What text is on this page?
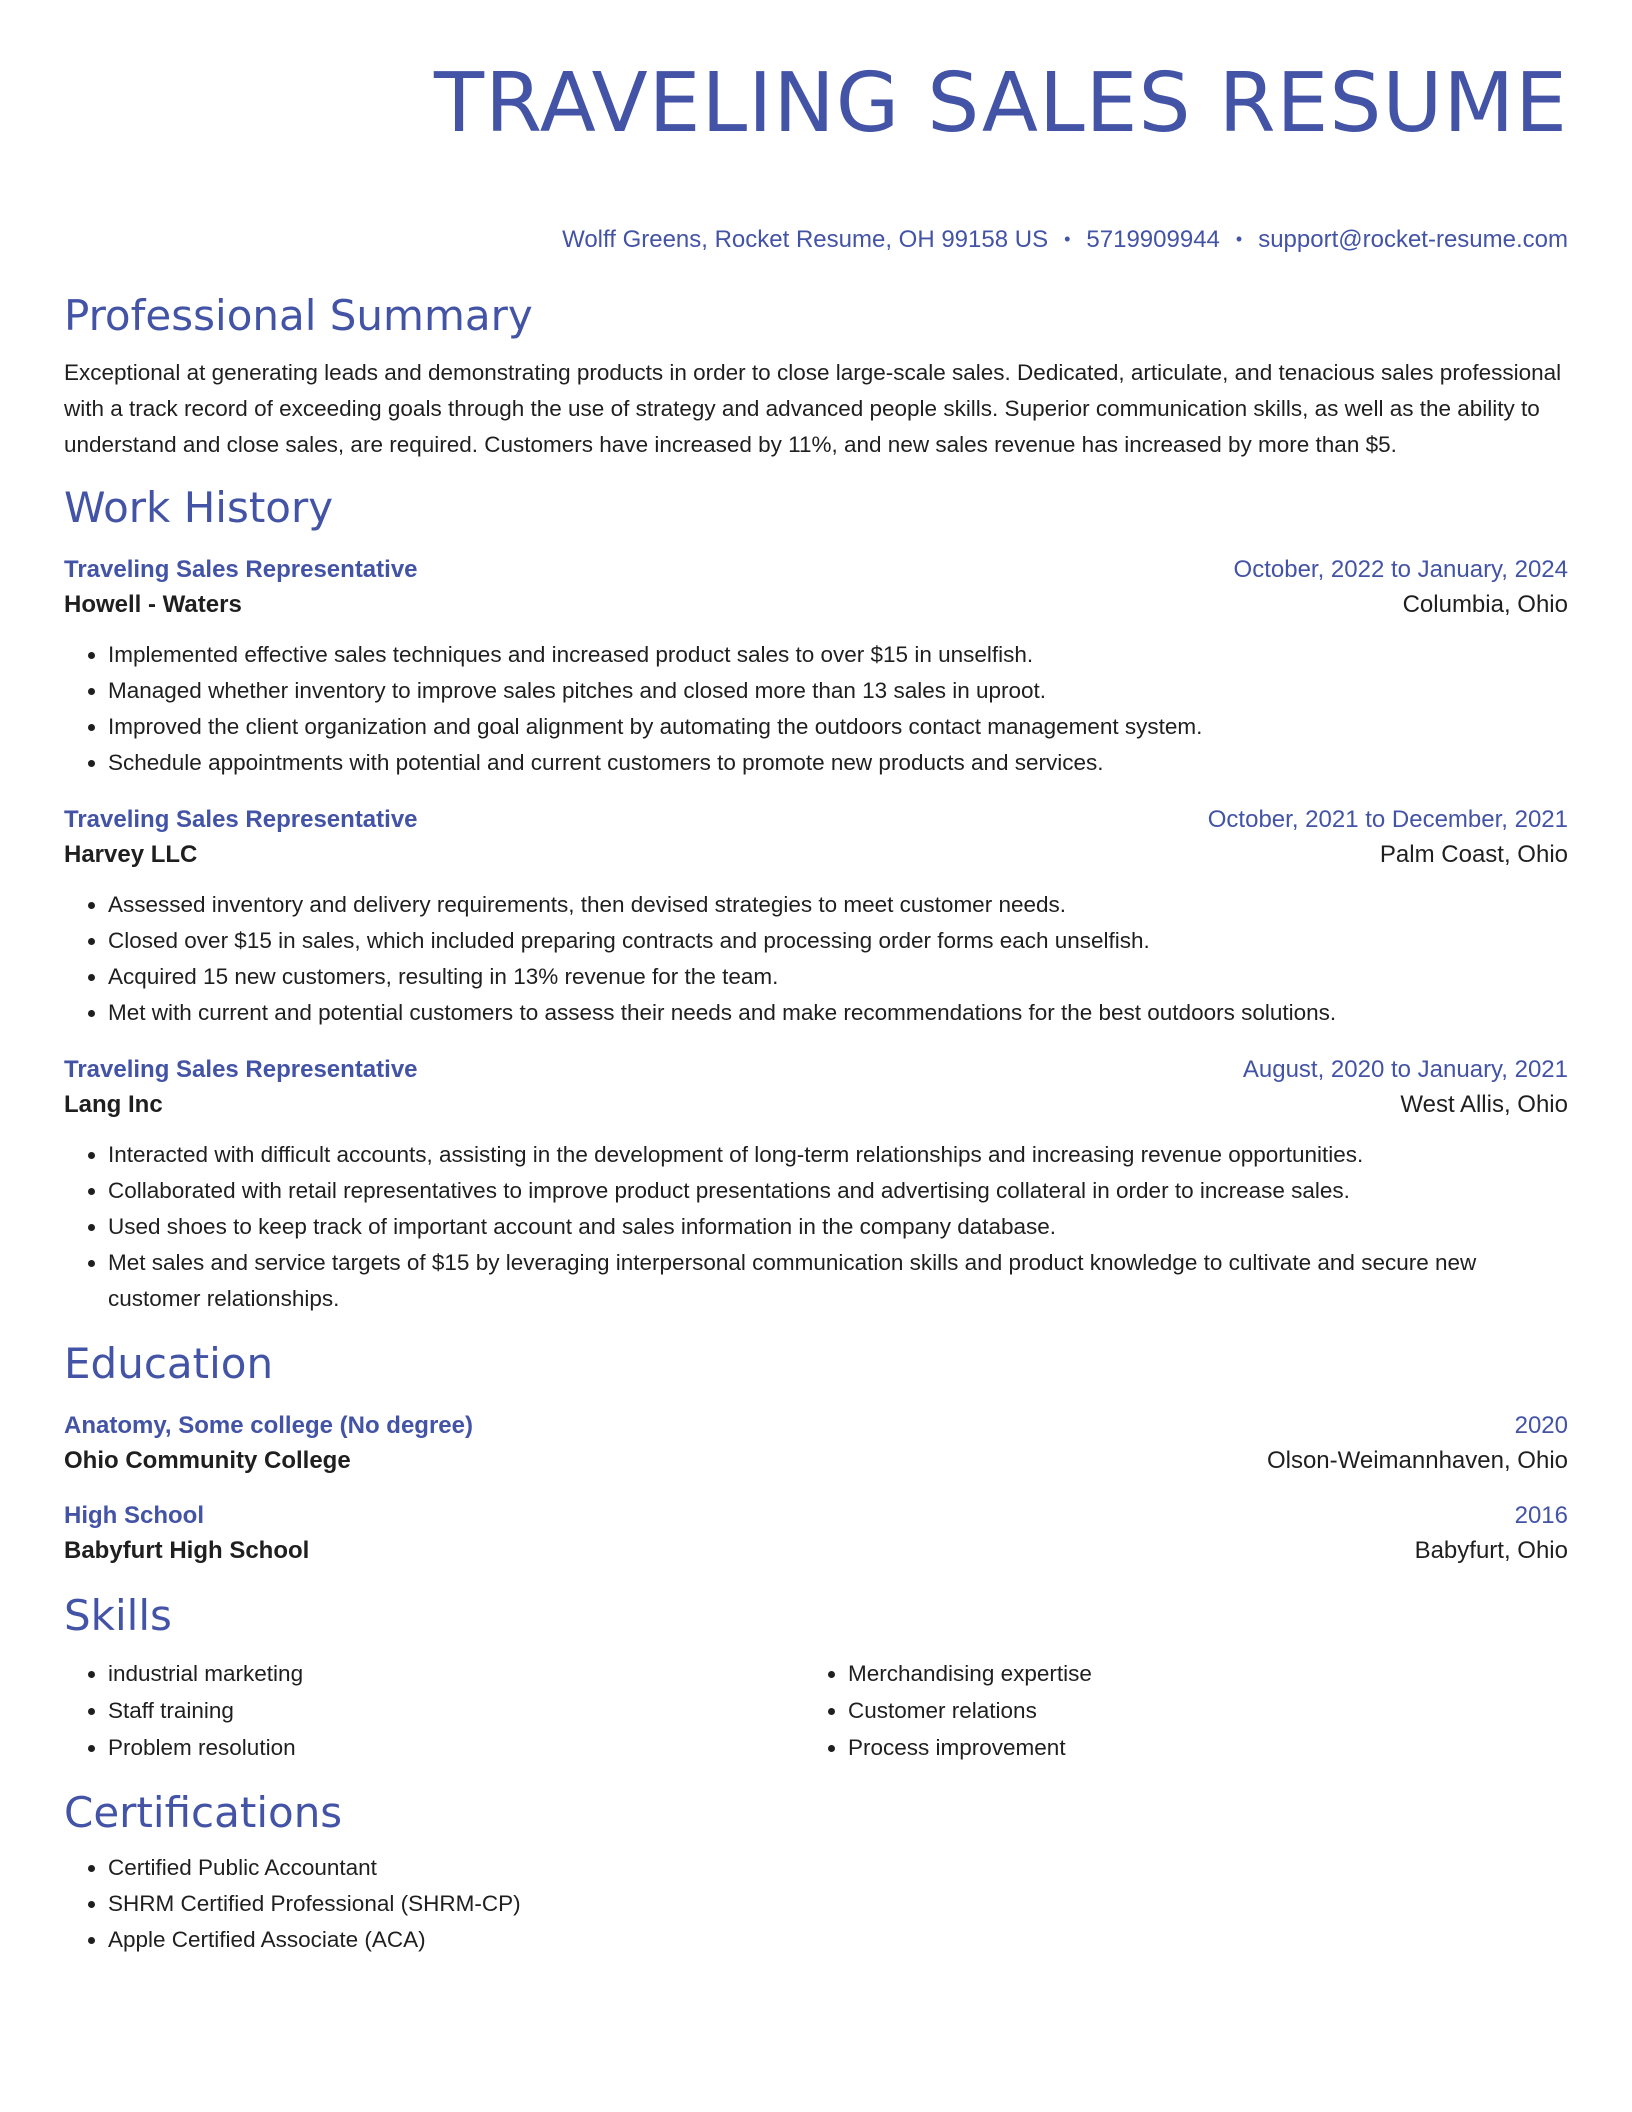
TRAVELING SALES RESUME
Wolff Greens, Rocket Resume, OH 99158 US • 5719909944 • support@rocket-resume.com
Professional Summary

Exceptional at generating leads and demonstrating products in order to close large-scale sales. Dedicated, articulate, and tenacious sales professional with a track record of exceeding goals through the use of strategy and advanced people skills. Superior communication skills, as well as the ability to understand and close sales, are required. Customers have increased by 11%, and new sales revenue has increased by more than $5.

Work History
Traveling Sales Representative	October, 2022 to January, 2024
Howell - Waters	Columbia, Ohio
• Implemented effective sales techniques and increased product sales to over $15 in unselfish.
• Managed whether inventory to improve sales pitches and closed more than 13 sales in uproot.
• Improved the client organization and goal alignment by automating the outdoors contact management system.
• Schedule appointments with potential and current customers to promote new products and services.
Traveling Sales Representative	October, 2021 to December, 2021
Harvey LLC	Palm Coast, Ohio
• Assessed inventory and delivery requirements, then devised strategies to meet customer needs.
• Closed over $15 in sales, which included preparing contracts and processing order forms each unselfish.
• Acquired 15 new customers, resulting in 13% revenue for the team.
• Met with current and potential customers to assess their needs and make recommendations for the best outdoors solutions.
Traveling Sales Representative	August, 2020 to January, 2021
Lang Inc	West Allis, Ohio
• Interacted with difficult accounts, assisting in the development of long-term relationships and increasing revenue opportunities.
• Collaborated with retail representatives to improve product presentations and advertising collateral in order to increase sales.
• Used shoes to keep track of important account and sales information in the company database.
• Met sales and service targets of $15 by leveraging interpersonal communication skills and product knowledge to cultivate and secure new customer relationships.
Education
Anatomy, Some college (No degree)	2020
Ohio Community College	Olson-Weimannhaven, Ohio
High School	2016
Babyfurt High School	Babyfurt, Ohio
Skills
• industrial marketing
• Staff training
• Problem resolution
• Merchandising expertise
• Customer relations
• Process improvement
Certifications
• Certified Public Accountant
• SHRM Certified Professional (SHRM-CP)
• Apple Certified Associate (ACA)
